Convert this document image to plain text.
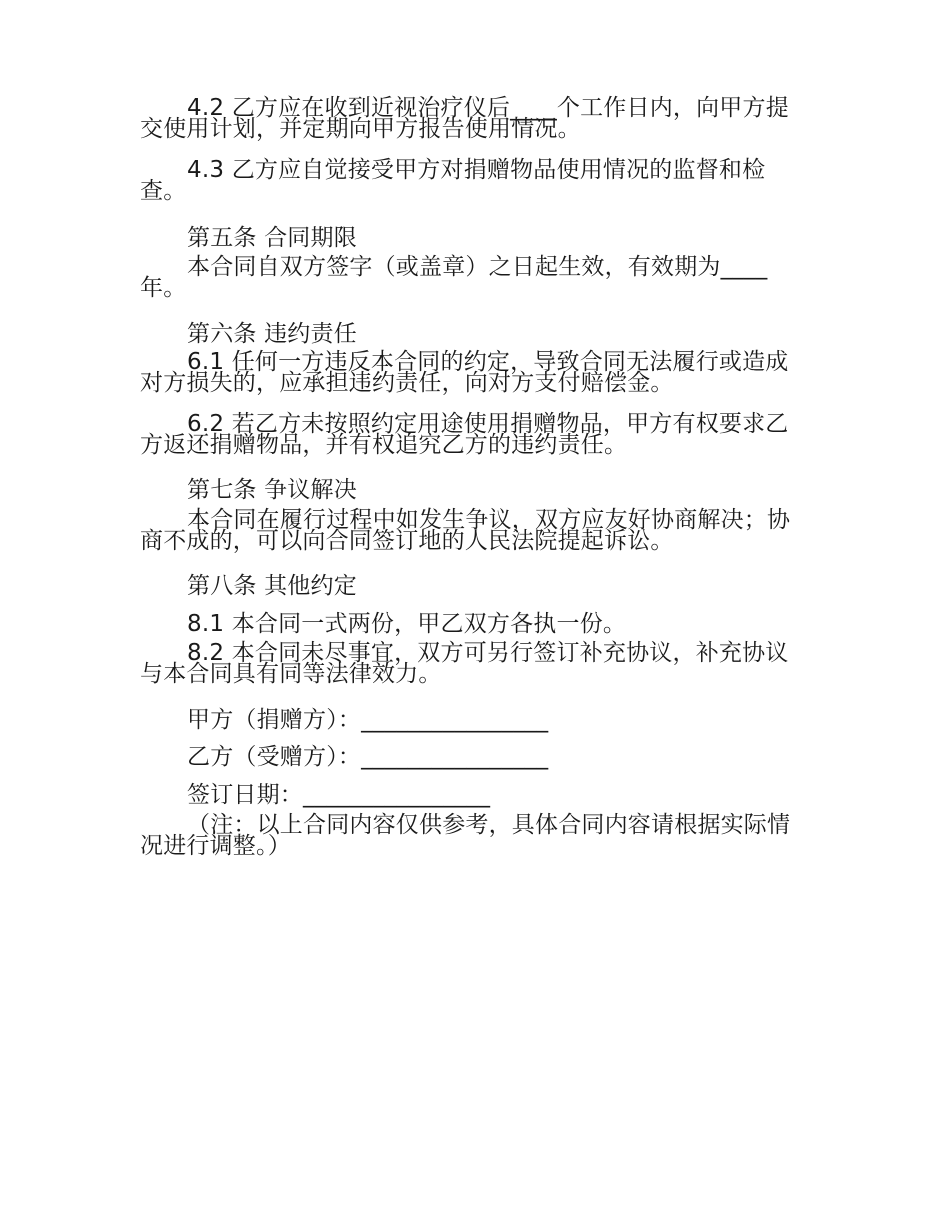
4.2 乙方应在收到近视治疗仪后____个工作日内，向甲方提交使用计划，并定期向甲方报告使用情况。

4.3 乙方应自觉接受甲方对捐赠物品使用情况的监督和检查。

第五条 合同期限

本合同自双方签字（或盖章）之日起生效，有效期为____年。

第六条 违约责任

6.1 任何一方违反本合同的约定，导致合同无法履行或造成对方损失的，应承担违约责任，向对方支付赔偿金。

6.2 若乙方未按照约定用途使用捐赠物品，甲方有权要求乙方返还捐赠物品，并有权追究乙方的违约责任。

第七条 争议解决

本合同在履行过程中如发生争议，双方应友好协商解决；协商不成的，可以向合同签订地的人民法院提起诉讼。

第八条 其他约定

8.1 本合同一式两份，甲乙双方各执一份。

8.2 本合同未尽事宜，双方可另行签订补充协议，补充协议与本合同具有同等法律效力。

甲方（捐赠方）：________________

乙方（受赠方）：________________

签订日期：________________

（注：以上合同内容仅供参考，具体合同内容请根据实际情况进行调整。）
